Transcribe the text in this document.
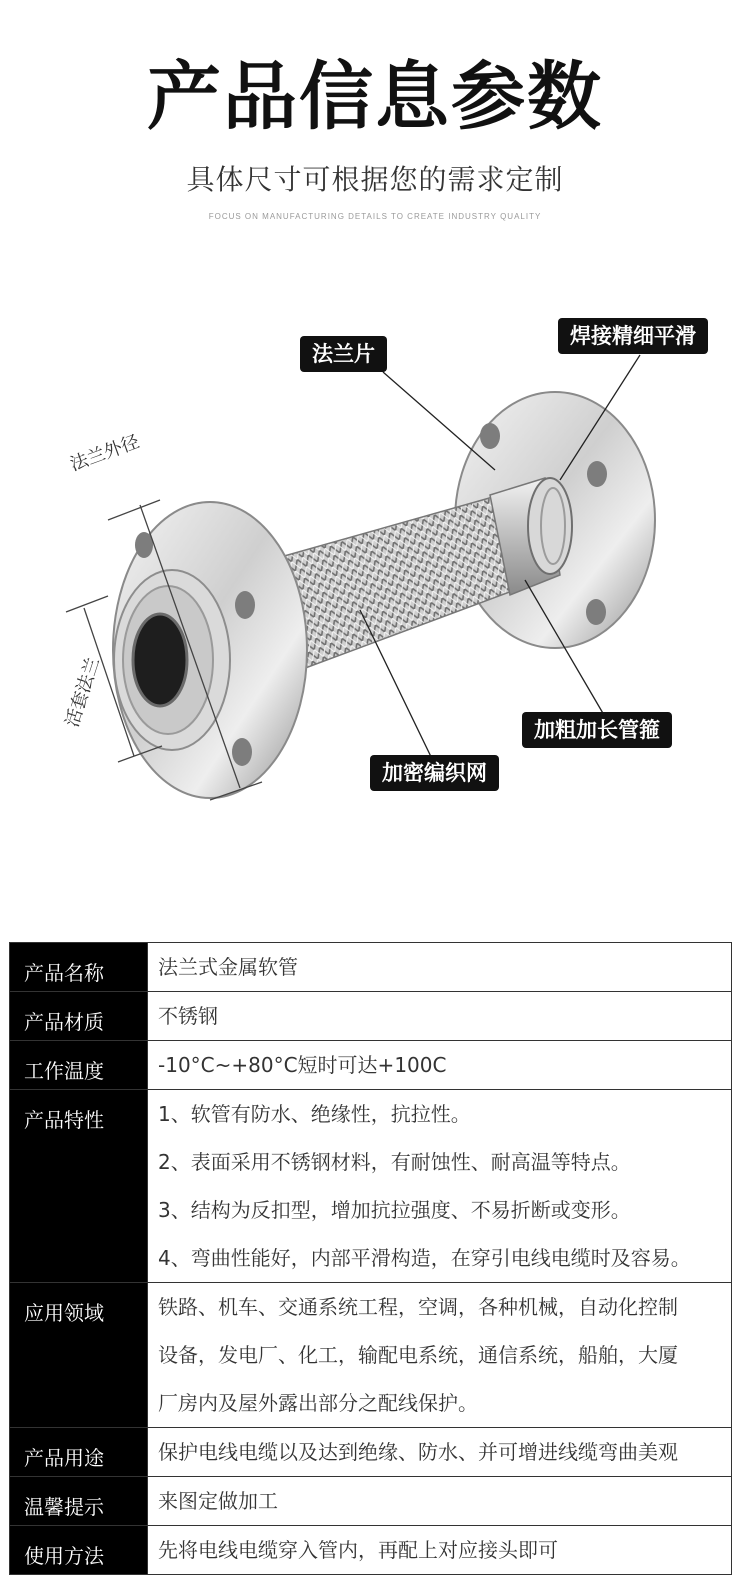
产品信息参数
具体尺寸可根据您的需求定制
FOCUS ON MANUFACTURING DETAILS TO CREATE INDUSTRY QUALITY
法兰片
焊接精细平滑
加粗加长管箍
加密编织网
法兰外径
活套法兰
产品名称	法兰式金属软管

产品材质	不锈钢

工作温度	-10°C~+80°C短时可达+100C

产品特性	1、软管有防水、绝缘性，抗拉性。
2、表面采用不锈钢材料，有耐蚀性、耐高温等特点。
3、结构为反扣型，增加抗拉强度、不易折断或变形。
4、弯曲性能好，内部平滑构造，在穿引电线电缆时及容易。

应用领域	铁路、机车、交通系统工程，空调，各种机械，自动化控制
设备，发电厂、化工，输配电系统，通信系统，船舶，大厦
厂房内及屋外露出部分之配线保护。

产品用途	保护电线电缆以及达到绝缘、防水、并可增进线缆弯曲美观

温馨提示	来图定做加工

使用方法	先将电线电缆穿入管内，再配上对应接头即可
